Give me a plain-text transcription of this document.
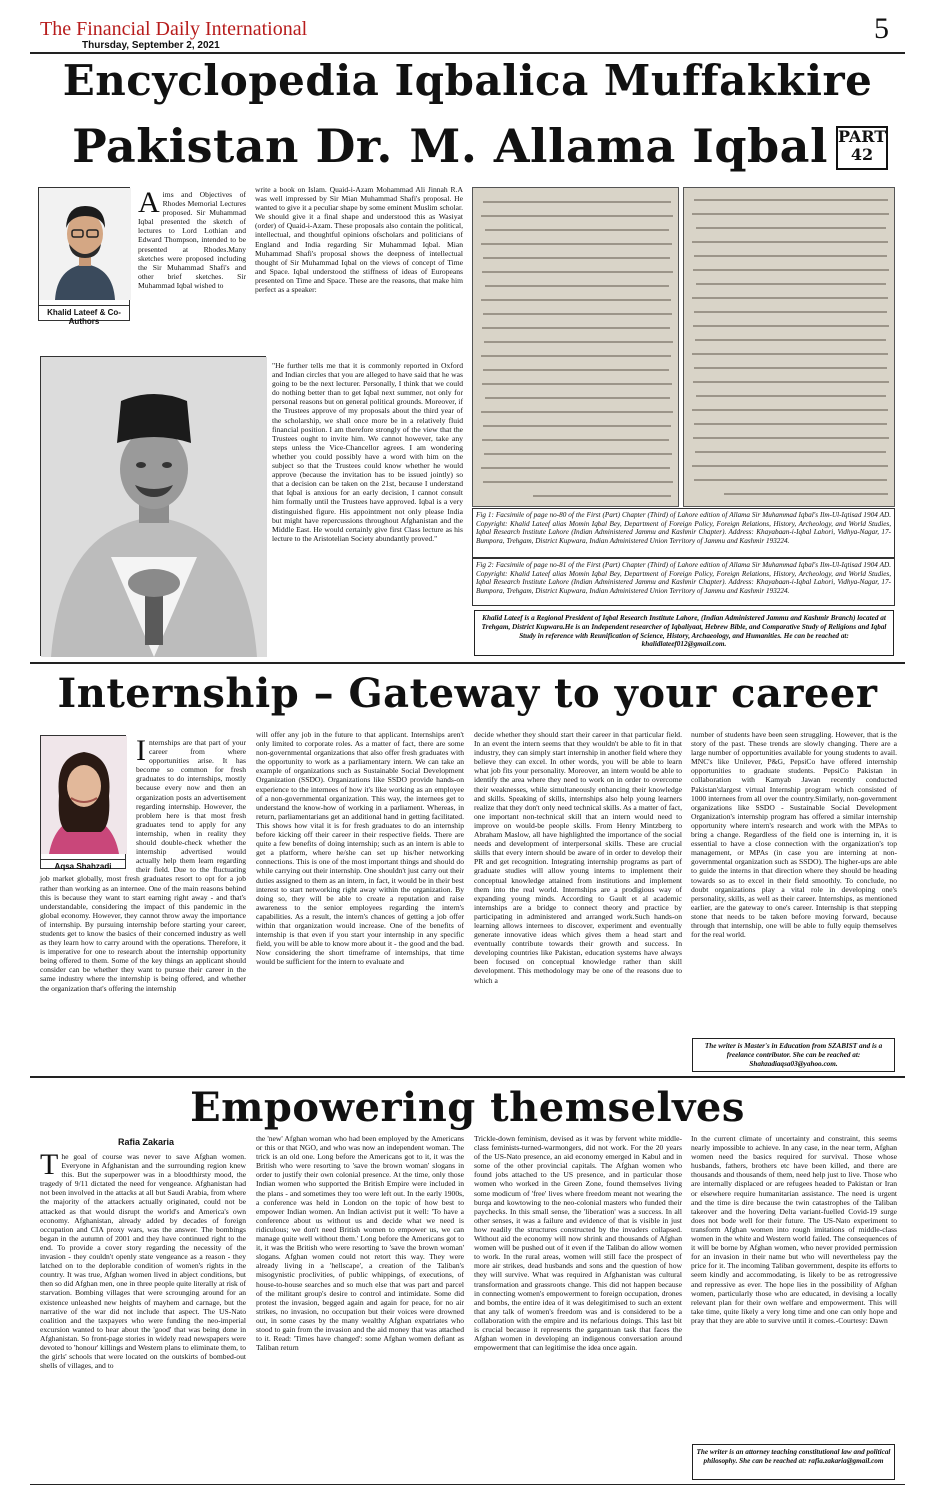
The Financial Daily International
Thursday, September 2, 2021
5
Encyclopedia Iqbalica Muffakkire
Pakistan Dr. M. Allama Iqbal PART
42
Khalid Lateef & Co-Authors
Aims and Objectives of Rhodes Memorial Lectures proposed. Sir Muhammad Iqbal presented the sketch of lectures to Lord Lothian and Edward Thompson, intended to be presented at Rhodes.Many sketches were proposed including the Sir Muhammad Shafi's and other brief sketches. Sir Muhammad Iqbal wished to
write a book on Islam. Quaid-i-Azam Mohammad Ali Jinnah R.A was well impressed by Sir Mian Muhammad Shafi's proposal. He wanted to give it a peculiar shape by some eminent Muslim scholar. We should give it a final shape and understood this as Wasiyat (order) of Quaid-i-Azam. These proposals also contain the political, intellectual, and thoughtful opinions ofscholars and politicians of England and India regarding Sir Muhammad Iqbal. Mian Muhammad Shafi's proposal shows the deepness of intellectual thought of Sir Muhammad Iqbal on the views of concept of Time and Space. Iqbal understood the stiffness of ideas of Europeans presented on Time and Space. These are the reasons, that make him perfect as a speaker:
"He further tells me that it is commonly reported in Oxford and Indian circles that you are alleged to have said that he was going to be the next lecturer. Personally, I think that we could do nothing better than to get Iqbal next summer, not only for personal reasons but on general political grounds. Moreover, if the Trustees approve of my proposals about the third year of the scholarship, we shall once more be in a relatively fluid financial position. I am therefore strongly of the view that the Trustees ought to invite him. We cannot however, take any steps unless the Vice-Chancellor agrees. I am wondering whether you could possibly have a word with him on the subject so that the Trustees could know whether he would approve (because the invitation has to be issued jointly) so that a decision can be taken on the 21st, because I understand that Iqbal is anxious for an early decision, I cannot consult him formally until the Trustees have approved. Iqbal is a very distinguished figure. His appointment not only please India but might have repercussions throughout Afghanistan and the Middle East. He would certainly give first Class lecture as his lecture to the Aristotelian Society abundantly proved."
Fig 1: Facsimile of page no-80 of the First (Part) Chapter (Third) of Lahore edition of Allama Sir Muhammad Iqbal's Ilm-Ul-Iqtisad 1904 AD. Copyright: Khalid Lateef alias Momin Iqbal Bey, Department of Foreign Policy, Foreign Relations, History, Archeology, and World Studies, Iqbal Research Institute Lahore (Indian Administered Jammu and Kashmir Chapter). Address: Khayabaan-i-Iqbal Lahori, Vidhya-Nagar, 17-Bumpora, Trehgam, District Kupwara, Indian Administered Union Territory of Jammu and Kashmir 193224.
Fig 2: Facsimile of page no-81 of the First (Part) Chapter (Third) of Lahore edition of Allama Sir Muhammad Iqbal's Ilm-Ul-Iqtisad 1904 AD. Copyright: Khalid Lateef alias Momin Iqbal Bey, Department of Foreign Policy, Foreign Relations, History, Archeology, and World Studies, Iqbal Research Institute Lahore (Indian Administered Jammu and Kashmir Chapter). Address: Khayabaan-i-Iqbal Lahori, Vidhya-Nagar, 17-Bumpora, Trehgam, District Kupwara, Indian Administered Union Territory of Jammu and Kashmir 193224.
Khalid Lateef is a Regional President of Iqbal Research Institute Lahore, (Indian Administered Jammu and Kashmir Branch) located at Trehgam, District Kupwara.He is an Independent researcher of Iqbaliyaat, Hebrew Bible, and Comparative Study of Religions and Iqbal Study in reference with Reunification of Science, History, Archaeology, and Humanities. He can be reached at: khalidlateef012@gmail.com.
Internship – Gateway to your career
Aqsa Shahzadi
Internships are that part of your career from where opportunities arise. It has become so common for fresh graduates to do internships, mostly because every now and then an organization posts an advertisement regarding internship. However, the problem here is that most fresh graduates tend to apply for any internship, when in reality they should double-check whether the internship advertised would actually help them learn regarding their field. Due to the fluctuating job market globally, most fresh graduates resort to opt for a job rather than working as an internee. One of the main reasons behind this is because they want to start earning right away - and that's understandable, considering the impact of this pandemic in the global economy. However, they cannot throw away the importance of internship. By pursuing internship before starting your career, students get to know the basics of their concerned industry as well as they learn how to carry around with the operations. Therefore, it is imperative for one to research about the internship opportunity being offered to them. Some of the key things an applicant should consider can be whether they want to pursue their career in the same industry where the internship is being offered, and whether the organization that's offering the internship
will offer any job in the future to that applicant. Internships aren't only limited to corporate roles. As a matter of fact, there are some non-governmental organizations that also offer fresh graduates with the opportunity to work as a parliamentary intern. We can take an example of organizations such as Sustainable Social Development Organization (SSDO). Organizations like SSDO provide hands-on experience to the internees of how it's like working as an employee of a non-governmental organization. This way, the internees get to understand the know-how of working in a parliament. Whereas, in return, parliamentarians get an additional hand in getting facilitated. This shows how vital it is for fresh graduates to do an internship before kicking off their career in their respective fields. There are quite a few benefits of doing internship; such as an intern is able to get a platform, where he/she can set up his/her networking connections. This is one of the most important things and should do while carrying out their internship. One shouldn't just carry out their duties assigned to them as an intern, in fact, it would be in their best interest to start networking right away within the organization. By doing so, they will be able to create a reputation and raise awareness to the senior employees regarding the intern's capabilities. As a result, the intern's chances of getting a job offer within that organization would increase. One of the benefits of internship is that even if you start your internship in any specific field, you will be able to know more about it - the good and the bad. Now considering the short timeframe of internships, that time would be sufficient for the intern to evaluate and
decide whether they should start their career in that particular field. In an event the intern seems that they wouldn't be able to fit in that industry, they can simply start internship in another field where they believe they can excel. In other words, you will be able to learn what job fits your personality. Moreover, an intern would be able to identify the area where they need to work on in order to overcome their weaknesses, while simultaneously enhancing their knowledge and skills. Speaking of skills, internships also help young learners realize that they don't only need technical skills. As a matter of fact, one important non-technical skill that an intern would need to improve on would-be people skills. From Henry Mintzberg to Abraham Maslow, all have highlighted the importance of the social needs and development of interpersonal skills. These are crucial skills that every intern should be aware of in order to develop their PR and get recognition. Integrating internship programs as part of graduate studies will allow young interns to implement their conceptual knowledge attained from institutions and implement them into the real world. Internships are a prodigious way of expanding young minds. According to Gault et al academic internships are a bridge to connect theory and practice by participating in administered and arranged work.Such hands-on learning allows internees to discover, experiment and eventually generate innovative ideas which gives them a head start and eventually contribute towards their growth and success. In developing countries like Pakistan, education systems have always been focused on conceptual knowledge rather than skill development. This methodology may be one of the reasons due to which a
number of students have been seen struggling. However, that is the story of the past. These trends are slowly changing. There are a large number of opportunities available for young students to avail. MNC's like Unilever, P&G, PepsiCo have offered internship opportunities to graduate students. PepsiCo Pakistan in collaboration with Kamyab Jawan recently conducted Pakistan'slargest virtual Internship program which consisted of 1000 internees from all over the country.Similarly, non-government organizations like SSDO - Sustainable Social Development Organization's internship program has offered a similar internship opportunity where intern's research and work with the MPAs to bring a change. Regardless of the field one is interning in, it is essential to have a close connection with the organization's top management, or MPAs (in case you are interning at non-governmental organization such as SSDO). The higher-ups are able to guide the interns in that direction where they should be heading towards so as to excel in their field smoothly. To conclude, no doubt organizations play a vital role in developing one's personality, skills, as well as their career. Internships, as mentioned earlier, are the gateway to one's career. Internship is that stepping stone that needs to be taken before moving forward, because through that internship, one will be able to fully equip themselves for the real world.
The writer is Master's in Education from SZABIST and is a freelance contributor. She can be reached at: Shahzadiaqsa03@yahoo.com.
Empowering themselves
Rafia Zakaria
The goal of course was never to save Afghan women. Everyone in Afghanistan and the surrounding region knew this. But the superpower was in a bloodthirsty mood, the tragedy of 9/11 dictated the need for vengeance. Afghanistan had not been involved in the attacks at all but Saudi Arabia, from where the majority of the attackers actually originated, could not be attacked as that would disrupt the world's and America's own economy. Afghanistan, already added by decades of foreign occupation and CIA proxy wars, was the answer. The bombings began in the autumn of 2001 and they have continued right to the end. To provide a cover story regarding the necessity of the invasion - they couldn't openly state vengeance as a reason - they latched on to the deplorable condition of women's rights in the country. It was true, Afghan women lived in abject conditions, but then so did Afghan men, one in three people quite literally at risk of starvation. Bombing villages that were scrounging around for an existence unleashed new heights of mayhem and carnage, but the narrative of the war did not include that aspect. The US-Nato coalition and the taxpayers who were funding the neo-imperial excursion wanted to hear about the 'good' that was being done in Afghanistan. So front-page stories in widely read newspapers were devoted to 'honour' killings and Western plans to eliminate them, to the girls' schools that were located on the outskirts of bombed-out shells of villages, and to
the 'new' Afghan woman who had been employed by the Americans or this or that NGO, and who was now an independent woman. The trick is an old one. Long before the Americans got to it, it was the British who were resorting to 'save the brown woman' slogans in order to justify their own colonial presence. At the time, only those Indian women who supported the British Empire were included in the plans - and sometimes they too were left out. In the early 1900s, a conference was held in London on the topic of how best to empower Indian women. An Indian activist put it well: 'To have a conference about us without us and decide what we need is ridiculous; we don't need British women to empower us, we can manage quite well without them.' Long before the Americans got to it, it was the British who were resorting to 'save the brown woman' slogans. Afghan women could not retort this way. They were already living in a 'hellscape', a creation of the Taliban's misogynistic proclivities, of public whippings, of executions, of house-to-house searches and so much else that was part and parcel of the militant group's desire to control and intimidate. Some did protest the invasion, begged again and again for peace, for no air strikes, no invasion, no occupation but their voices were drowned out, in some cases by the many wealthy Afghan expatriates who stood to gain from the invasion and the aid money that was attached to it. Read: 'Times have changed': some Afghan women defiant as Taliban return
Trickle-down feminism, devised as it was by fervent white middle-class feminists-turned-warmongers, did not work. For the 20 years of the US-Nato presence, an aid economy emerged in Kabul and in some of the other provincial capitals. The Afghan women who found jobs attached to the US presence, and in particular those women who worked in the Green Zone, found themselves living some modicum of 'free' lives where freedom meant not wearing the burqa and kowtowing to the neo-colonial masters who funded their paychecks. In this small sense, the 'liberation' was a success. In all other senses, it was a failure and evidence of that is visible in just how readily the structures constructed by the invaders collapsed. Without aid the economy will now shrink and thousands of Afghan women will be pushed out of it even if the Taliban do allow women to work. In the rural areas, women will still face the prospect of more air strikes, dead husbands and sons and the question of how they will survive. What was required in Afghanistan was cultural transformation and grassroots change. This did not happen because in connecting women's empowerment to foreign occupation, drones and bombs, the entire idea of it was delegitimised to such an extent that any talk of women's freedom was and is considered to be a collaboration with the empire and its nefarious doings. This last bit is crucial because it represents the gargantuan task that faces the Afghan women in developing an indigenous conversation around empowerment that can legitimise the idea once again.
In the current climate of uncertainty and constraint, this seems nearly impossible to achieve. In any case, in the near term, Afghan women need the basics required for survival. Those whose husbands, fathers, brothers etc have been killed, and there are thousands and thousands of them, need help just to live. Those who are internally displaced or are refugees headed to Pakistan or Iran or elsewhere require humanitarian assistance. The need is urgent and the time is dire because the twin catastrophes of the Taliban takeover and the hovering Delta variant-fuelled Covid-19 surge does not bode well for their future. The US-Nato experiment to transform Afghan women into rough imitations of middle-class women in the white and Western world failed. The consequences of it will be borne by Afghan women, who never provided permission for an invasion in their name but who will nevertheless pay the price for it. The incoming Taliban government, despite its efforts to seem kindly and accommodating, is likely to be as retrogressive and repressive as ever. The hope lies in the possibility of Afghan women, particularly those who are educated, in devising a locally relevant plan for their own welfare and empowerment. This will take time, quite likely a very long time and one can only hope and pray that they are able to survive until it comes.-Courtesy: Dawn
The writer is an attorney teaching constitutional law and political philosophy. She can be reached at: rafia.zakaria@gmail.com
